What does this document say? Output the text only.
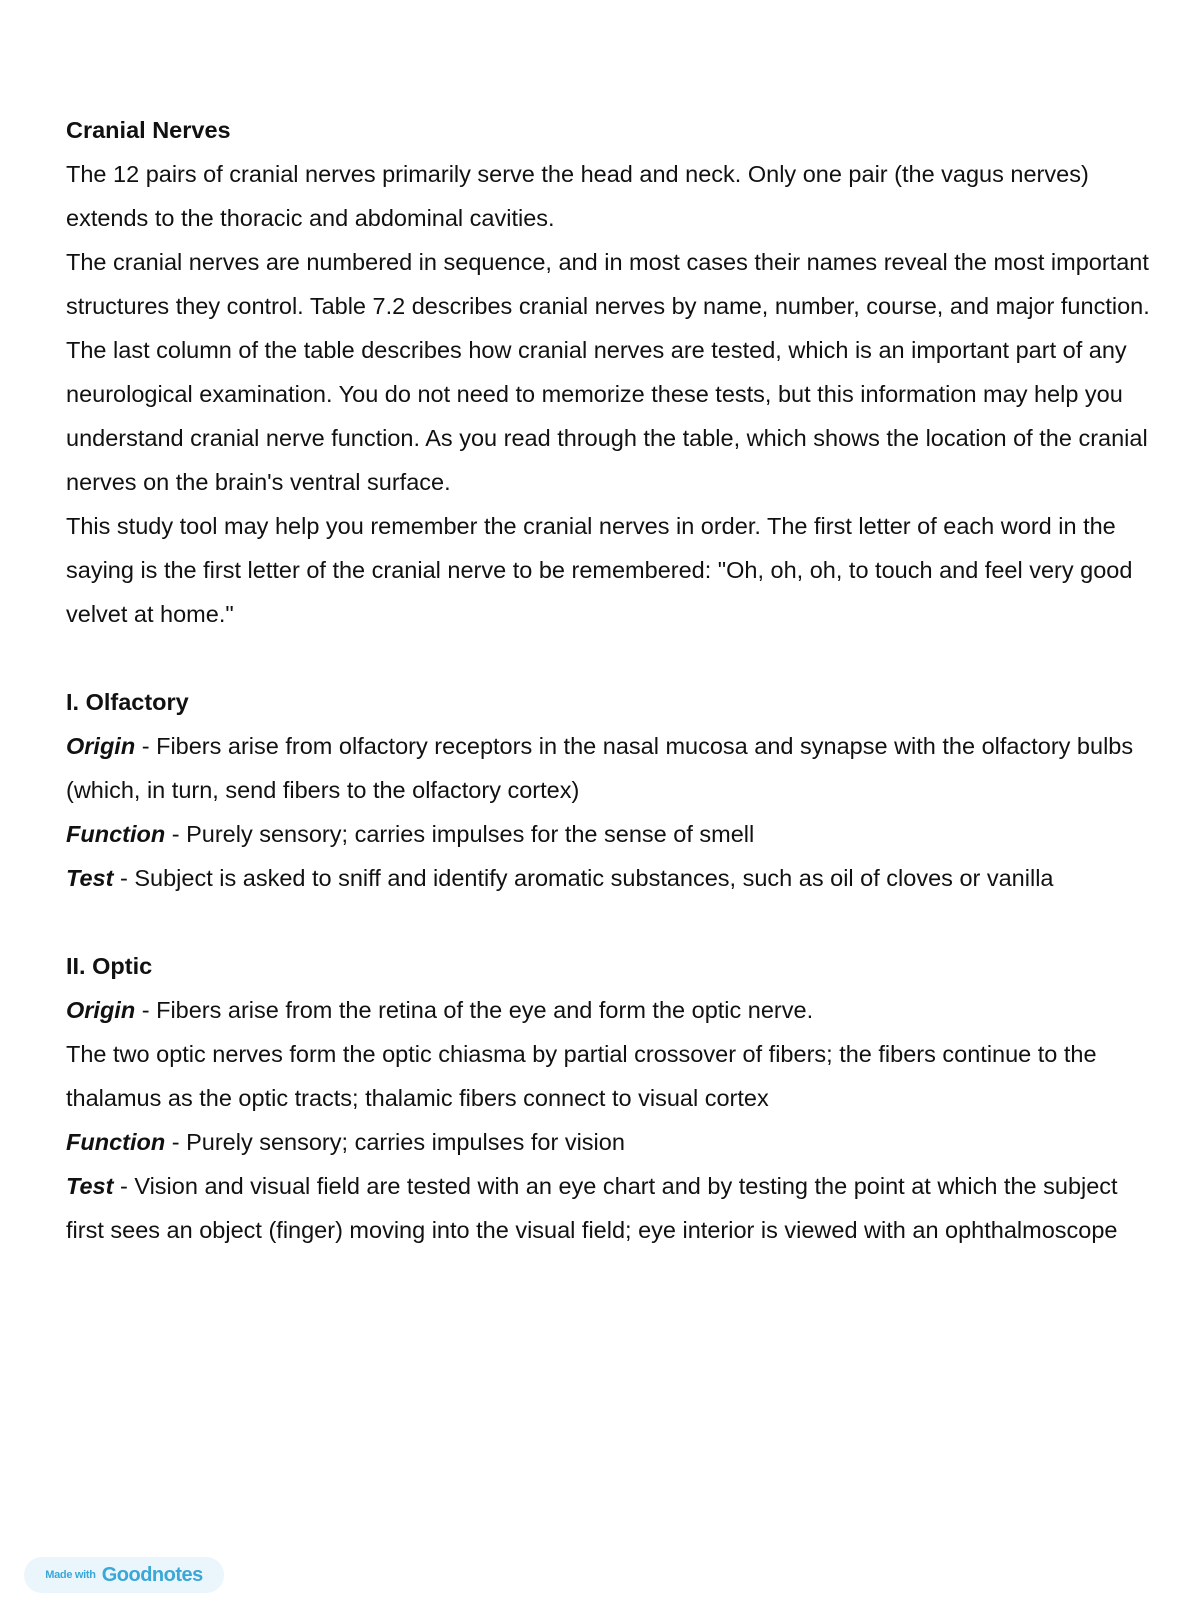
Cranial Nerves

The 12 pairs of cranial nerves primarily serve the head and neck. Only one pair (the vagus nerves) extends to the thoracic and abdominal cavities.

The cranial nerves are numbered in sequence, and in most cases their names reveal the most important structures they control. Table 7.2 describes cranial nerves by name, number, course, and major function. The last column of the table describes how cranial nerves are tested, which is an important part of any neurological examination. You do not need to memorize these tests, but this information may help you understand cranial nerve function. As you read through the table, which shows the location of the cranial nerves on the brain's ventral surface.

This study tool may help you remember the cranial nerves in order. The first letter of each word in the saying is the first letter of the cranial nerve to be remembered: "Oh, oh, oh, to touch and feel very good velvet at home."

I. Olfactory

Origin - Fibers arise from olfactory receptors in the nasal mucosa and synapse with the olfactory bulbs (which, in turn, send fibers to the olfactory cortex)

Function - Purely sensory; carries impulses for the sense of smell

Test - Subject is asked to sniff and identify aromatic substances, such as oil of cloves or vanilla

II. Optic

Origin - Fibers arise from the retina of the eye and form the optic nerve.

The two optic nerves form the optic chiasma by partial crossover of fibers; the fibers continue to the thalamus as the optic tracts; thalamic fibers connect to visual cortex

Function - Purely sensory; carries impulses for vision

Test - Vision and visual field are tested with an eye chart and by testing the point at which the subject first sees an object (finger) moving into the visual field; eye interior is viewed with an ophthalmoscope

Made with Goodnotes
